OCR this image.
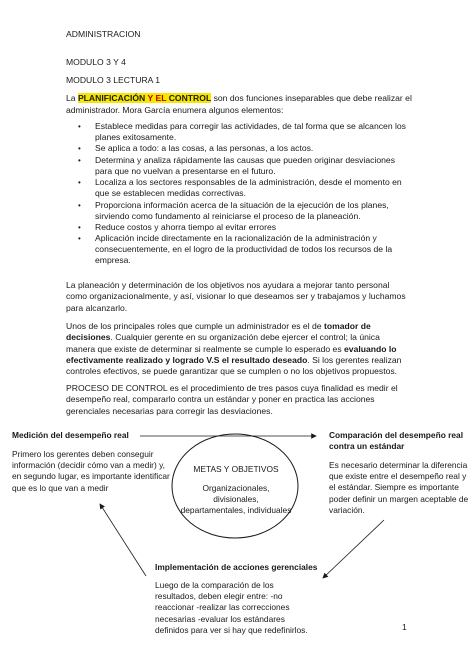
ADMINISTRACION
MODULO 3 Y 4
MODULO 3 LECTURA 1
La PLANIFICACIÓN Y EL CONTROL son dos funciones inseparables que debe realizar el
administrador. Mora García enumera algunos elementos:
• Establece medidas para corregir las actividades, de tal forma que se alcancen los planes exitosamente.
• Se aplica a todo: a las cosas, a las personas, a los actos.
• Determina y analiza rápidamente las causas que pueden originar desviaciones para que no vuelvan a presentarse en el futuro.
• Localiza a los sectores responsables de la administración, desde el momento en que se establecen medidas correctivas.
• Proporciona información acerca de la situación de la ejecución de los planes, sirviendo como fundamento al reiniciarse el proceso de la planeación.
• Reduce costos y ahorra tiempo al evitar errores
• Aplicación incide directamente en la racionalización de la administración y consecuentemente, en el logro de la productividad de todos los recursos de la empresa.
La planeación y determinación de los objetivos nos ayudara a mejorar tanto personal como organizacionalmente, y así, visionar lo que deseamos ser y trabajamos y luchamos para alcanzarlo.
Unos de los principales roles que cumple un administrador es el de tomador de decisiones. Cualquier gerente en su organización debe ejercer el control; la única manera que existe de determinar si realmente se cumple lo esperado es evaluando lo efectivamente realizado y logrado V.S el resultado deseado. Si los gerentes realizan controles efectivos, se puede garantizar que se cumplen o no los objetivos propuestos.
PROCESO DE CONTROL es el procedimiento de tres pasos cuya finalidad es medir el desempeño real, compararlo contra un estándar y poner en practica las acciones gerenciales necesarias para corregir las desviaciones.
Medición del desempeño real
Primero los gerentes deben conseguir información (decidir cómo van a medir) y, en segundo lugar, es importante identificar que es lo que van a medir
Comparación del desempeño real contra un estándar
Es necesario determinar la diferencia que existe entre el desempeño real y el estándar. Siempre es importante poder definir un margen aceptable de variación.
METAS Y OBJETIVOS
Organizacionales, divisionales, departamentales, individuales
Implementación de acciones gerenciales
Luego de la comparación de los resultados, deben elegir entre: -no reaccionar -realizar las correcciones necesarias -evaluar los estándares definidos para ver si hay que redefinirlos.	1
